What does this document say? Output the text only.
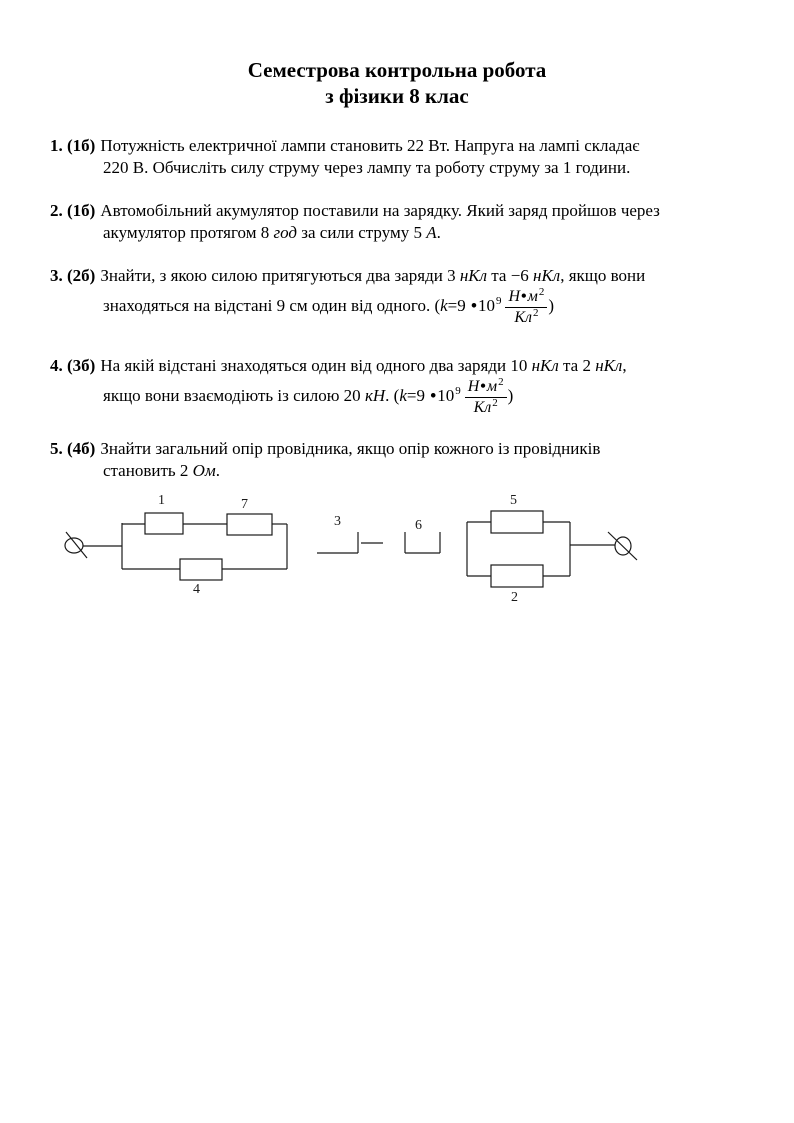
Семестрова контрольна робота
з фізики 8 клас

1. (1б) Потужність електричної лампи становить 22 Вт. Напруга на лампі складає
220 В. Обчисліть силу струму через лампу та роботу струму за 1 години.

2. (1б) Автомобільний акумулятор поставили на зарядку. Який заряд пройшов через
акумулятор протягом 8 год за сили струму 5 А.

3. (2б) Знайти, з якою силою притягуються два заряди 3 нКл та −6 нКл, якщо вони
знаходяться на відстані 9 см один від одного. (k=9 $•10^9 \frac{Н•м^2}{Кл^2}$ )

4. (3б) На якій відстані знаходяться один від одного два заряди 10 нКл та 2 нКл,
якщо вони взаємодіють із силою 20 кН. (k=9 $•10^9 \frac{Н•м^2}{Кл^2}$ )

5. (4б) Знайти загальний опір провідника, якщо опір кожного із провідників
становить 2 Ом.

1	7
4
3	6
5
2
